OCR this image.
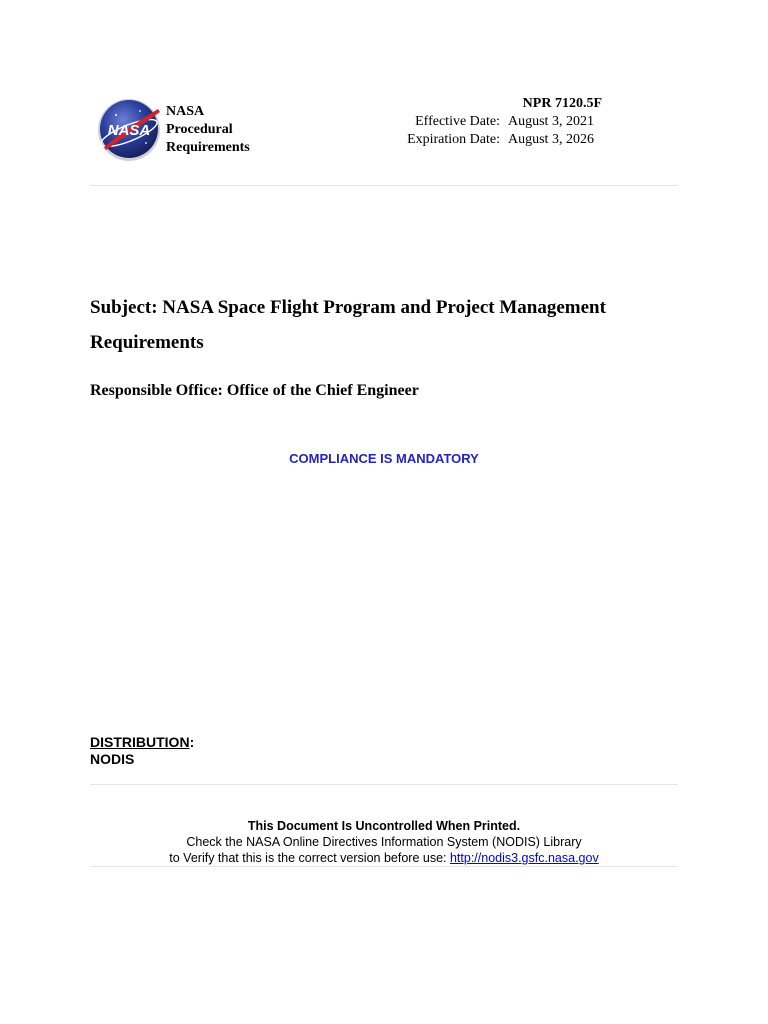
NASA
NASA
Procedural
Requirements
NPR 7120.5F
Effective Date: August 3, 2021
Expiration Date: August 3, 2026
Subject: NASA Space Flight Program and Project Management Requirements
Responsible Office: Office of the Chief Engineer
COMPLIANCE IS MANDATORY
DISTRIBUTION:
NODIS
This Document Is Uncontrolled When Printed.
Check the NASA Online Directives Information System (NODIS) Library
to Verify that this is the correct version before use: http://nodis3.gsfc.nasa.gov
